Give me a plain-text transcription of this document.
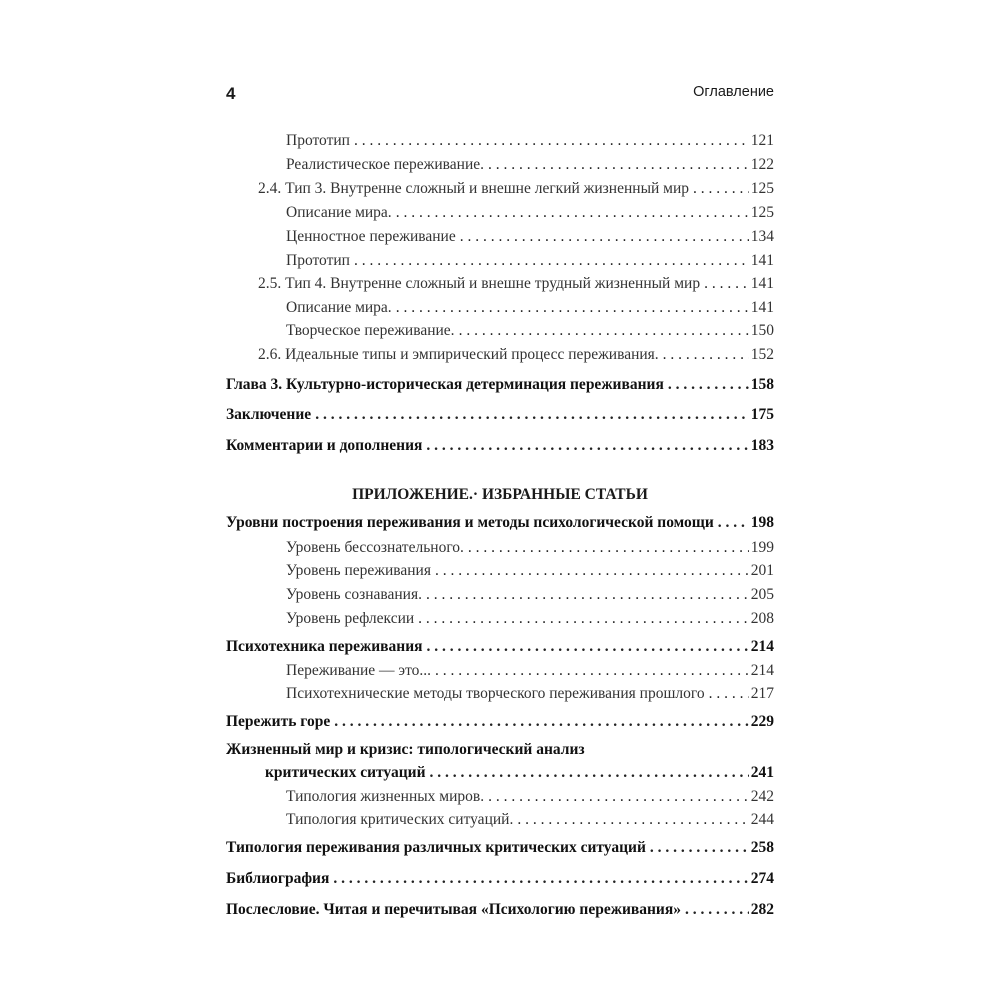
4	Оглавление
Прототип . . .	121
Реалистическое переживание. . . .	122
2.4. Тип 3. Внутренне сложный и внешне легкий жизненный мир . . .	125
Описание мира. . . .	125
Ценностное переживание . . .	134
Прототип . . .	141
2.5. Тип 4. Внутренне сложный и внешне трудный жизненный мир . . .	141
Описание мира. . . .	141
Творческое переживание. . . .	150
2.6. Идеальные типы и эмпирический процесс переживания. . . .	152
Глава 3. Культурно-историческая детерминация переживания . . .	158
Заключение . . .	175
Комментарии и дополнения . . .	183
ПРИЛОЖЕНИЕ.· ИЗБРАННЫЕ СТАТЬИ
Уровни построения переживания и методы психологической помощи . . . 198
Уровень бессознательного. . . .	199
Уровень переживания . . .	201
Уровень сознавания. . . .	205
Уровень рефлексии . . .	208
Психотехника переживания . . .	214
Переживание — это... . . .	214
Психотехнические методы творческого переживания прошлого . . .	217
Пережить горе . . .	229
Жизненный мир и кризис: типологический анализ
критических ситуаций . . .	241
Типология жизненных миров. . . .	242
Типология критических ситуаций. . . .	244
Типология переживания различных критических ситуаций . . .	258
Библиография . . .	274
Послесловие. Читая и перечитывая «Психологию переживания» . . .	282
